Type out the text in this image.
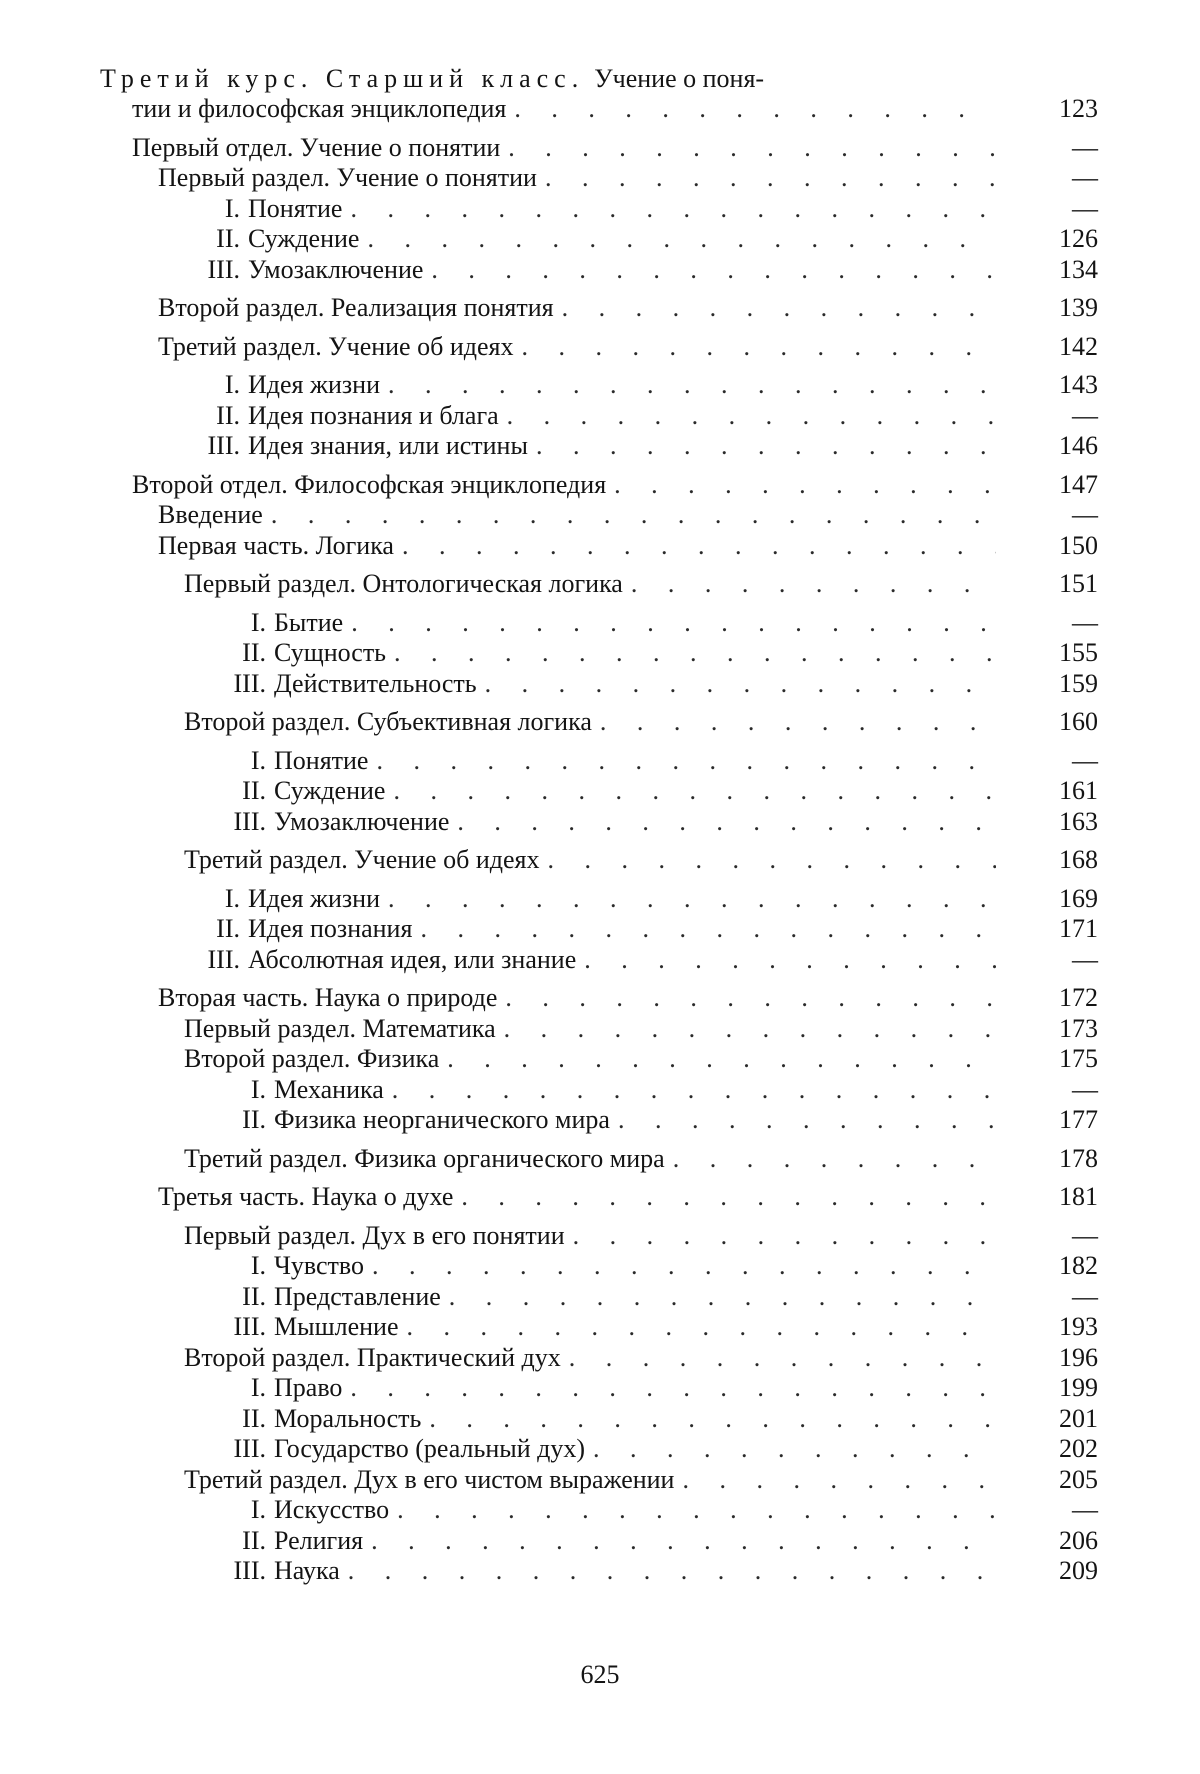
Третий курс. Старший класс. Учение о поня-
тии и философская энциклопедия . . .	123
Первый отдел. Учение о понятии . . .	—
Первый раздел. Учение о понятии . . .	—
I. Понятие . . .	—
II. Суждение . . .	126
III. Умозаключение . . .	134
Второй раздел. Реализация понятия . . .	139
Третий раздел. Учение об идеях . . .	142
I. Идея жизни . . .	143
II. Идея познания и блага . . .	—
III. Идея знания, или истины . . .	146
Второй отдел. Философская энциклопедия . . .	147
Введение . . .	—
Первая часть. Логика . . .	150
Первый раздел. Онтологическая логика . . .	151
I. Бытие . . .	—
II. Сущность . . .	155
III. Действительность . . .	159
Второй раздел. Субъективная логика . . .	160
I. Понятие . . .	—
II. Суждение . . .	161
III. Умозаключение . . .	163
Третий раздел. Учение об идеях . . .	168
I. Идея жизни . . .	169
II. Идея познания . . .	171
III. Абсолютная идея, или знание . . .	—
Вторая часть. Наука о природе . . .	172
Первый раздел. Математика . . .	173
Второй раздел. Физика . . .	175
I. Механика . . .	—
II. Физика неорганического мира . . .	177
Третий раздел. Физика органического мира . . .	178
Третья часть. Наука о духе . . .	181
Первый раздел. Дух в его понятии . . .	—
I. Чувство . . .	182
II. Представление . . .	—
III. Мышление . . .	193
Второй раздел. Практический дух . . .	196
I. Право . . .	199
II. Моральность . . .	201
III. Государство (реальный дух) . . .	202
Третий раздел. Дух в его чистом выражении . . .	205
I. Искусство . . .	—
II. Религия . . .	206
III. Наука . . .	209
625
